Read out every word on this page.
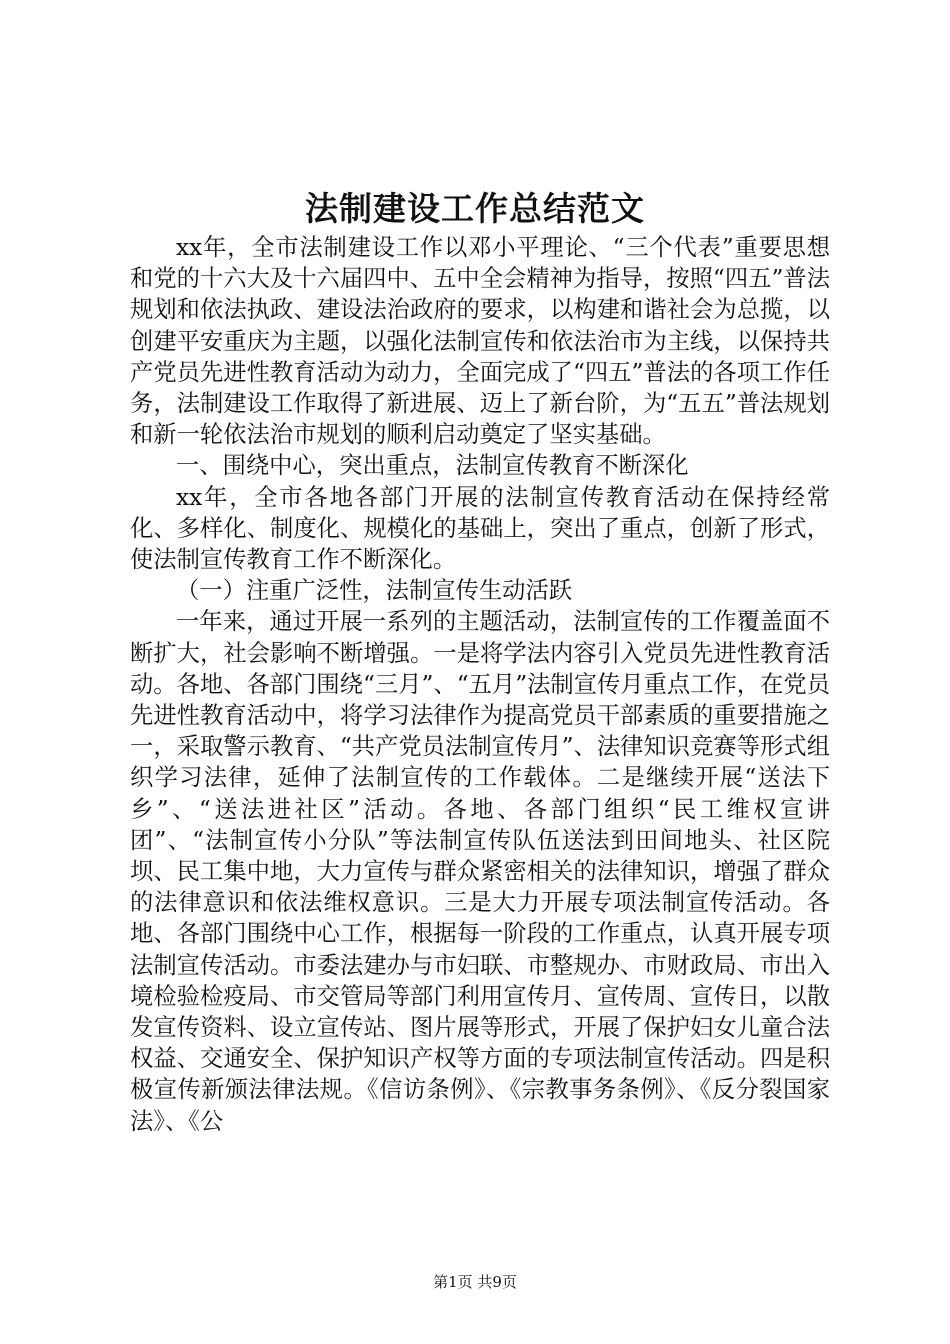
法制建设工作总结范文

xx年，全市法制建设工作以邓小平理论、“三个代表”重要思想和党的十六大及十六届四中、五中全会精神为指导，按照“四五”普法规划和依法执政、建设法治政府的要求，以构建和谐社会为总揽，以创建平安重庆为主题，以强化法制宣传和依法治市为主线，以保持共产党员先进性教育活动为动力，全面完成了“四五”普法的各项工作任务，法制建设工作取得了新进展、迈上了新台阶，为“五五”普法规划和新一轮依法治市规划的顺利启动奠定了坚实基础。

一、围绕中心，突出重点，法制宣传教育不断深化

xx年，全市各地各部门开展的法制宣传教育活动在保持经常化、多样化、制度化、规模化的基础上，突出了重点，创新了形式，使法制宣传教育工作不断深化。

（一）注重广泛性，法制宣传生动活跃

一年来，通过开展一系列的主题活动，法制宣传的工作覆盖面不断扩大，社会影响不断增强。一是将学法内容引入党员先进性教育活动。各地、各部门围绕“三月”、“五月”法制宣传月重点工作，在党员先进性教育活动中，将学习法律作为提高党员干部素质的重要措施之一，采取警示教育、“共产党员法制宣传月”、法律知识竞赛等形式组织学习法律，延伸了法制宣传的工作载体。二是继续开展“送法下乡”、“送法进社区”活动。各地、各部门组织“民工维权宣讲团”、“法制宣传小分队”等法制宣传队伍送法到田间地头、社区院坝、民工集中地，大力宣传与群众紧密相关的法律知识，增强了群众的法律意识和依法维权意识。三是大力开展专项法制宣传活动。各地、各部门围绕中心工作，根据每一阶段的工作重点，认真开展专项法制宣传活动。市委法建办与市妇联、市整规办、市财政局、市出入境检验检疫局、市交管局等部门利用宣传月、宣传周、宣传日，以散发宣传资料、设立宣传站、图片展等形式，开展了保护妇女儿童合法权益、交通安全、保护知识产权等方面的专项法制宣传活动。四是积极宣传新颁法律法规。《信访条例》、《宗教事务条例》、《反分裂国家法》、《公

第1页 共9页
